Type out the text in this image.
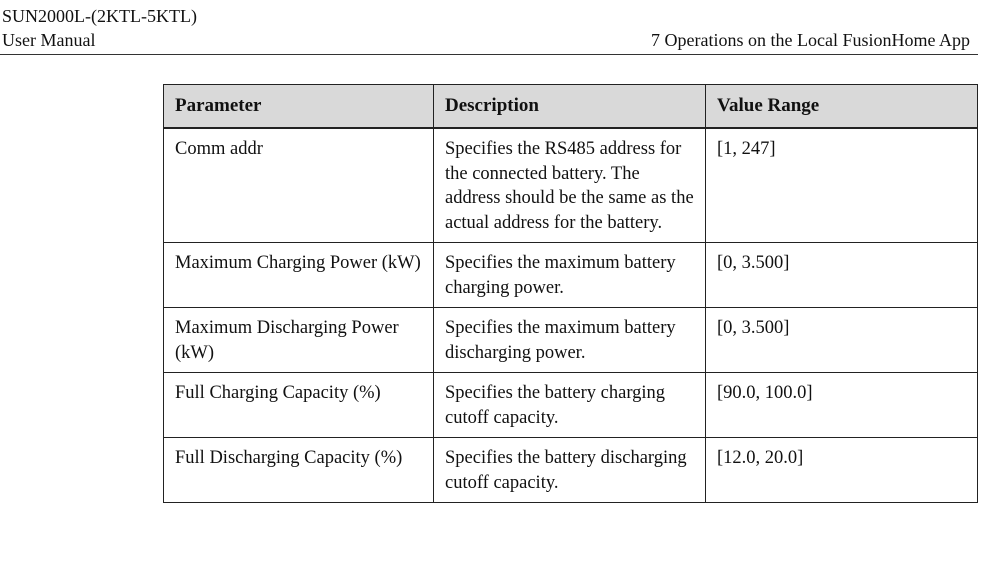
SUN2000L-(2KTL-5KTL)
User Manual	7 Operations on the Local FusionHome App
Parameter	Description	Value Range
Comm addr	Specifies the RS485 address for the connected battery. The address should be the same as the actual address for the battery.	[1, 247]
Maximum Charging Power (kW)	Specifies the maximum battery charging power.	[0, 3.500]
Maximum Discharging Power (kW)	Specifies the maximum battery discharging power.	[0, 3.500]
Full Charging Capacity (%)	Specifies the battery charging cutoff capacity.	[90.0, 100.0]
Full Discharging Capacity (%)	Specifies the battery discharging cutoff capacity.	[12.0, 20.0]
